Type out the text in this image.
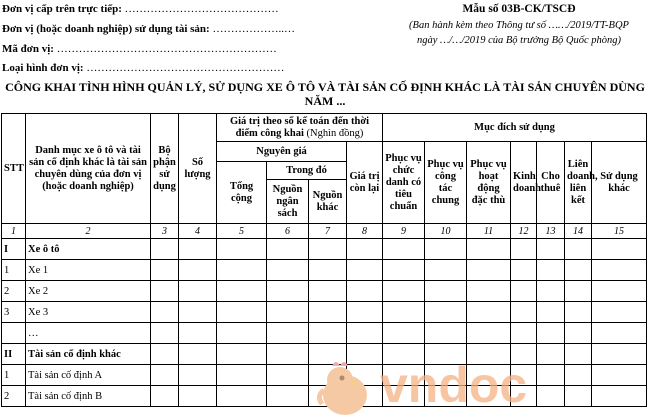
Đơn vị cấp trên trực tiếp: ……………………………………
Đơn vị (hoặc doanh nghiệp) sử dụng tài sản: ………………..…
Mã đơn vị: ……………………………………………………
Loại hình đơn vị: ………………………………………………
Mẫu số 03B-CK/TSCĐ
(Ban hành kèm theo Thông tư số ……/2019/TT-BQP
ngày …/…/2019 của Bộ trưởng Bộ Quốc phòng)
CÔNG KHAI TÌNH HÌNH QUẢN LÝ, SỬ DỤNG XE Ô TÔ VÀ TÀI SẢN CỐ ĐỊNH KHÁC LÀ TÀI SẢN CHUYÊN DÙNG NĂM ...
STT	Danh mục xe ô tô và tài sản cố định khác là tài sản chuyên dùng của đơn vị (hoặc doanh nghiệp)	Bộ phận sử dụng	Số lượng	Giá trị theo sổ kế toán đến thời điểm công khai (Nghìn đồng)				Mục đích sử dụng						
				Nguyên giá			Giá trị còn lại	Phục vụ chức danh có tiêu chuẩn	Phục vụ công tác chung	Phục vụ hoạt động đặc thù	Kinh doanh	Cho thuê	Liên doanh, liên kết	Sử dụng khác
				Tổng cộng	Trong đó									
					Nguồn ngân sách	Nguồn khác								
1	2	3	4	5	6	7	8	9	10	11	12	13	14	15
I	Xe ô tô													
1	Xe 1													
2	Xe 2													
3	Xe 3													
	…													
II	Tài sản cố định khác													
1	Tài sản cố định A													
2	Tài sản cố định B														vndoc
